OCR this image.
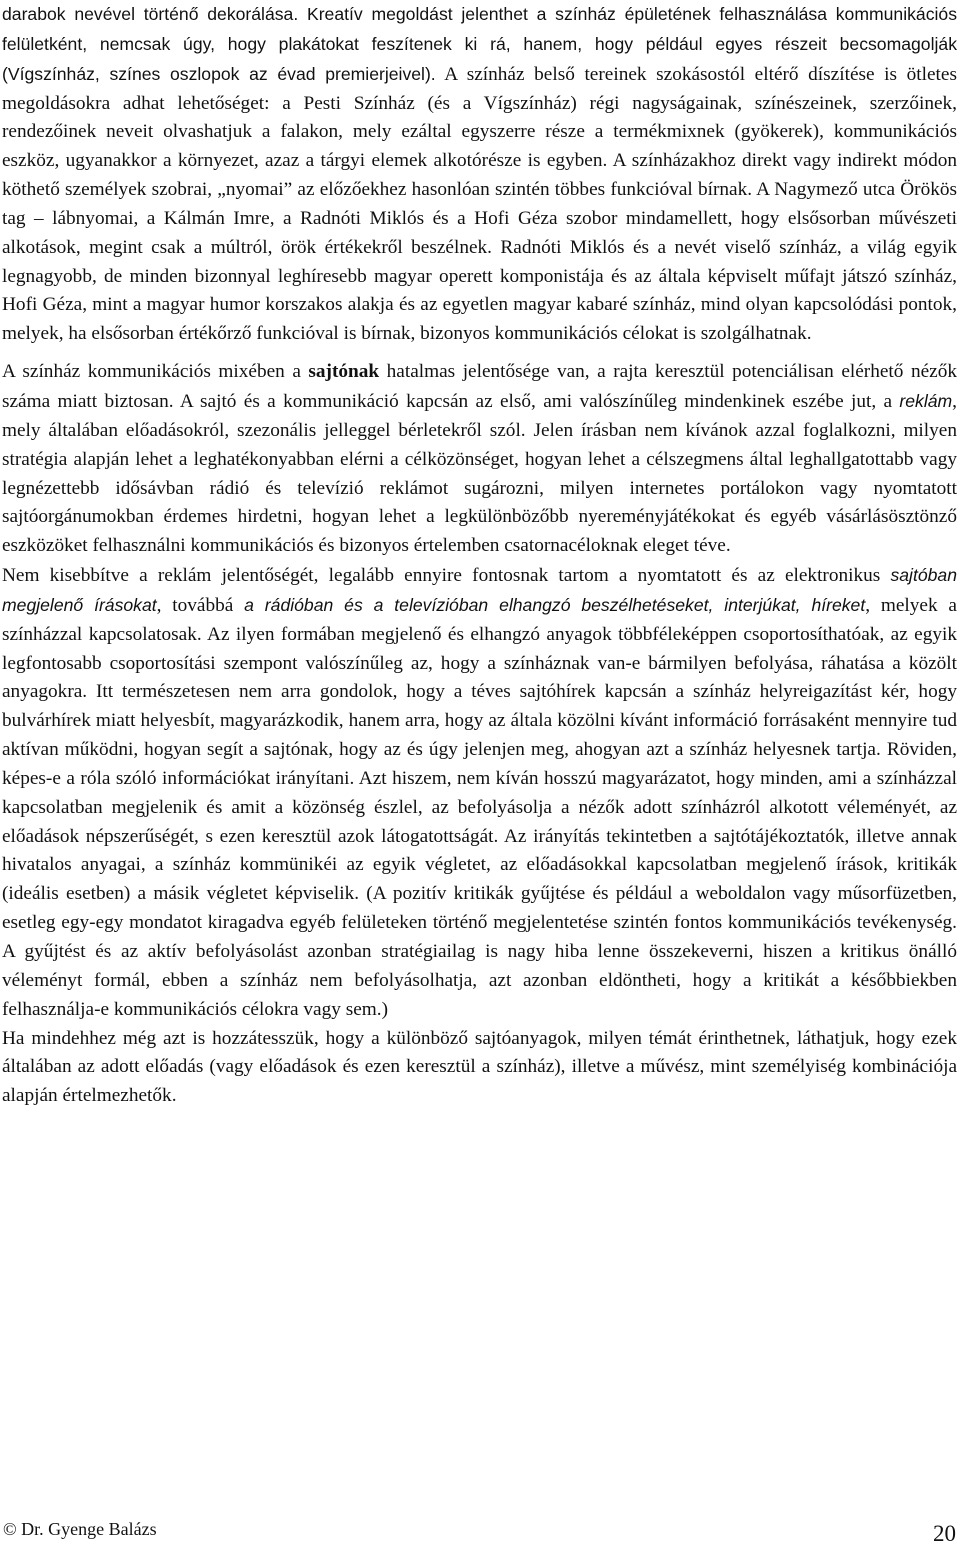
darabok nevével történő dekorálása. Kreatív megoldást jelenthet a színház épületének felhasználása kommunikációs felületként, nemcsak úgy, hogy plakátokat feszítenek ki rá, hanem, hogy például egyes részeit becsomagolják (Vígszínház, színes oszlopok az évad premierjeivel). A színház belső tereinek szokásostól eltérő díszítése is ötletes megoldásokra adhat lehetőséget: a Pesti Színház (és a Vígszínház) régi nagyságainak, színészeinek, szerzőinek, rendezőinek neveit olvashatjuk a falakon, mely ezáltal egyszerre része a termékmixnek (gyökerek), kommunikációs eszköz, ugyanakkor a környezet, azaz a tárgyi elemek alkotórésze is egyben. A színházakhoz direkt vagy indirekt módon köthető személyek szobrai, „nyomai” az előzőekhez hasonlóan szintén többes funkcióval bírnak. A Nagymező utca Örökös tag – lábnyomai, a Kálmán Imre, a Radnóti Miklós és a Hofi Géza szobor mindamellett, hogy elsősorban művészeti alkotások, megint csak a múltról, örök értékekről beszélnek. Radnóti Miklós és a nevét viselő színház, a világ egyik legnagyobb, de minden bizonnyal leghíresebb magyar operett komponistája és az általa képviselt műfajt játszó színház, Hofi Géza, mint a magyar humor korszakos alakja és az egyetlen magyar kabaré színház, mind olyan kapcsolódási pontok, melyek, ha elsősorban értékőrző funkcióval is bírnak, bizonyos kommunikációs célokat is szolgálhatnak.

A színház kommunikációs mixében a sajtónak hatalmas jelentősége van, a rajta keresztül potenciálisan elérhető nézők száma miatt biztosan. A sajtó és a kommunikáció kapcsán az első, ami valószínűleg mindenkinek eszébe jut, a reklám, mely általában előadásokról, szezonális jelleggel bérletekről szól. Jelen írásban nem kívánok azzal foglalkozni, milyen stratégia alapján lehet a leghatékonyabban elérni a célközönséget, hogyan lehet a célszegmens által leghallgatottabb vagy legnézettebb idősávban rádió és televízió reklámot sugározni, milyen internetes portálokon vagy nyomtatott sajtóorgánumokban érdemes hirdetni, hogyan lehet a legkülönbözőbb nyereményjátékokat és egyéb vásárlásösztönző eszközöket felhasználni kommunikációs és bizonyos értelemben csatornacéloknak eleget téve.

Nem kisebbítve a reklám jelentőségét, legalább ennyire fontosnak tartom a nyomtatott és az elektronikus sajtóban megjelenő írásokat, továbbá a rádióban és a televízióban elhangzó beszélhetéseket, interjúkat, híreket, melyek a színházzal kapcsolatosak. Az ilyen formában megjelenő és elhangzó anyagok többféleképpen csoportosíthatóak, az egyik legfontosabb csoportosítási szempont valószínűleg az, hogy a színháznak van-e bármilyen befolyása, ráhatása a közölt anyagokra. Itt természetesen nem arra gondolok, hogy a téves sajtóhírek kapcsán a színház helyreigazítást kér, hogy bulvárhírek miatt helyesbít, magyarázkodik, hanem arra, hogy az általa közölni kívánt információ forrásaként mennyire tud aktívan működni, hogyan segít a sajtónak, hogy az és úgy jelenjen meg, ahogyan azt a színház helyesnek tartja. Röviden, képes-e a róla szóló információkat irányítani. Azt hiszem, nem kíván hosszú magyarázatot, hogy minden, ami a színházzal kapcsolatban megjelenik és amit a közönség észlel, az befolyásolja a nézők adott színházról alkotott véleményét, az előadások népszerűségét, s ezen keresztül azok látogatottságát. Az irányítás tekintetben a sajtótájékoztatók, illetve annak hivatalos anyagai, a színház kommünikéi az egyik végletet, az előadásokkal kapcsolatban megjelenő írások, kritikák (ideális esetben) a másik végletet képviselik. (A pozitív kritikák gyűjtése és például a weboldalon vagy műsorfüzetben, esetleg egy-egy mondatot kiragadva egyéb felületeken történő megjelentetése szintén fontos kommunikációs tevékenység. A gyűjtést és az aktív befolyásolást azonban stratégiailag is nagy hiba lenne összekeverni, hiszen a kritikus önálló véleményt formál, ebben a színház nem befolyásolhatja, azt azonban eldöntheti, hogy a kritikát a későbbiekben felhasználja-e kommunikációs célokra vagy sem.)

Ha mindehhez még azt is hozzátesszük, hogy a különböző sajtóanyagok, milyen témát érinthetnek, láthatjuk, hogy ezek általában az adott előadás (vagy előadások és ezen keresztül a színház), illetve a művész, mint személyiség kombinációja alapján értelmezhetők.

© Dr. Gyenge Balázs	20
